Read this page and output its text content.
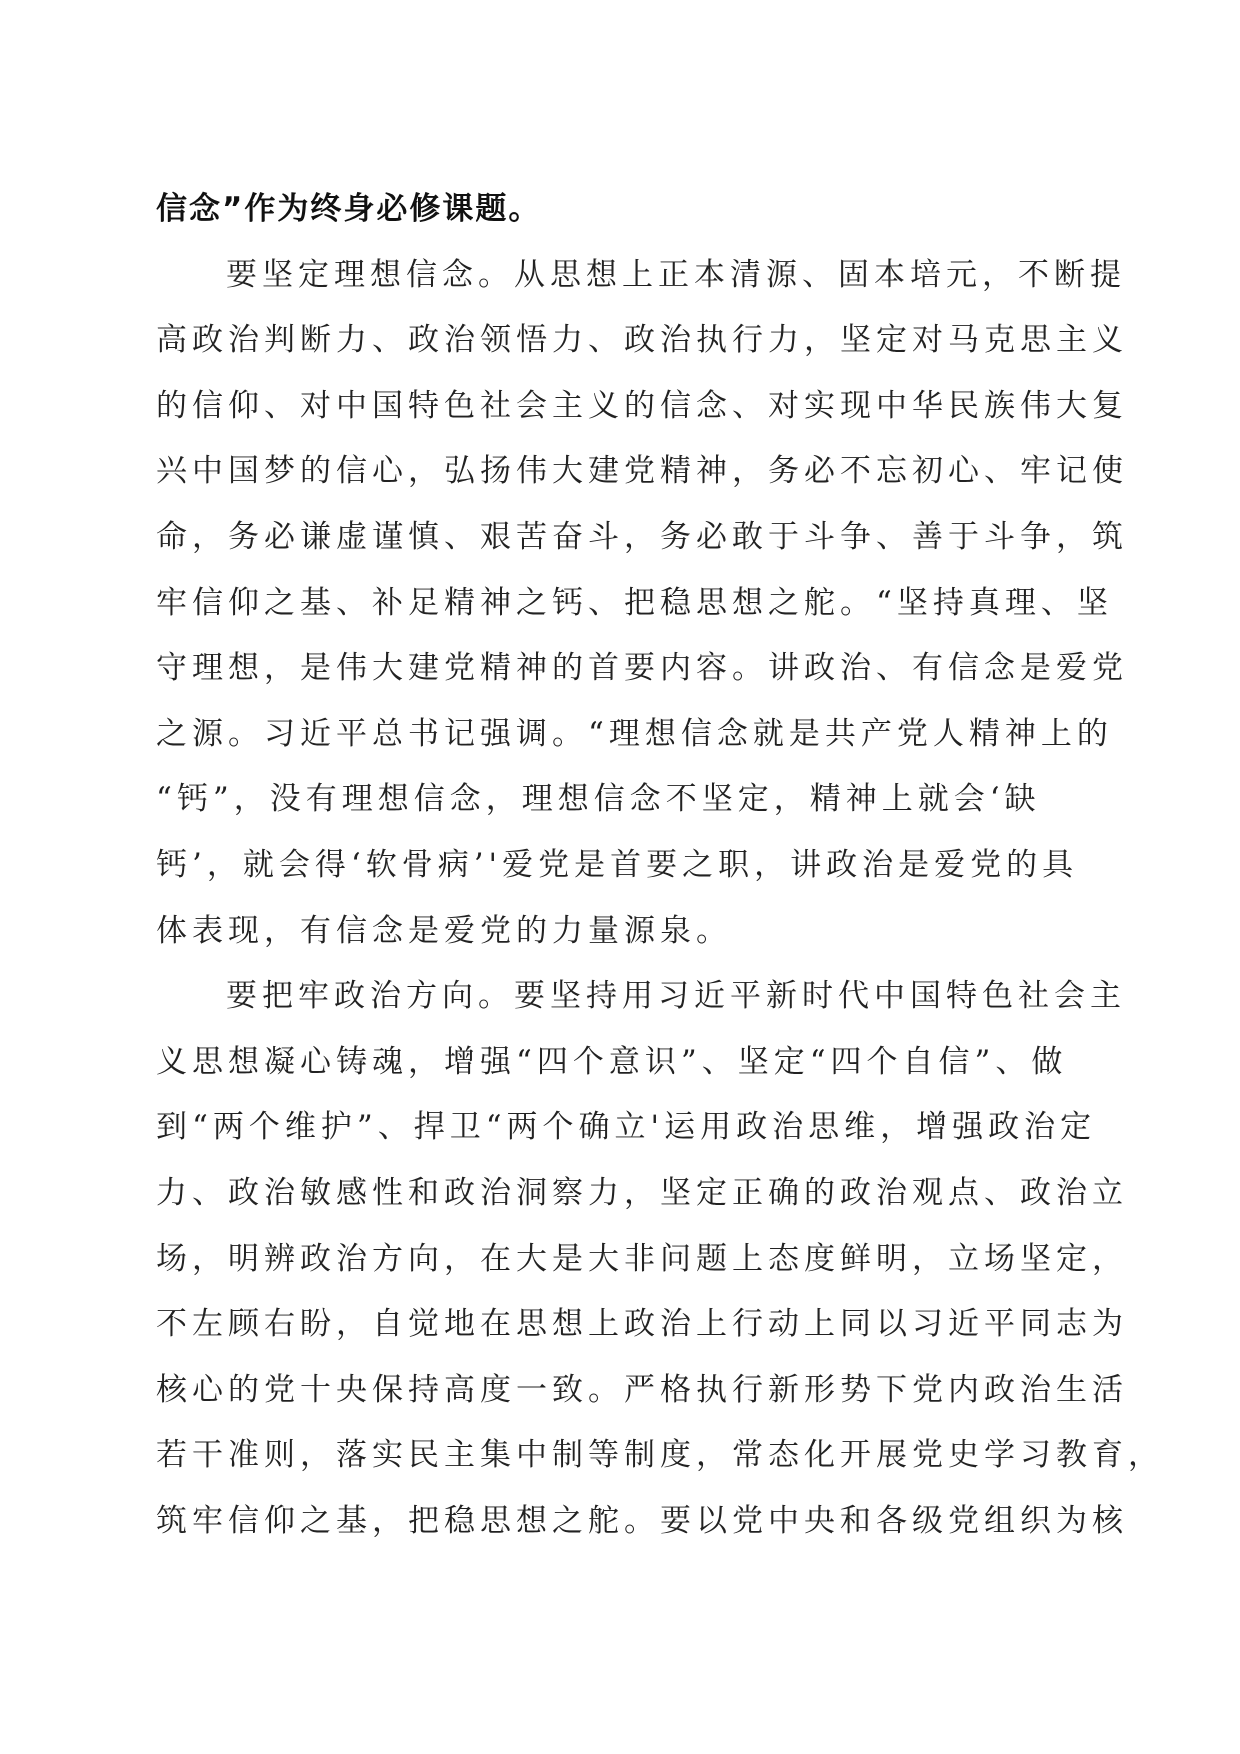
信念”作为终身必修课题。
要坚定理想信念。从思想上正本清源、固本培元，不断提
高政治判断力、政治领悟力、政治执行力，坚定对马克思主义
的信仰、对中国特色社会主义的信念、对实现中华民族伟大复
兴中国梦的信心，弘扬伟大建党精神，务必不忘初心、牢记使
命，务必谦虚谨慎、艰苦奋斗，务必敢于斗争、善于斗争，筑
牢信仰之基、补足精神之钙、把稳思想之舵。“坚持真理、坚
守理想，是伟大建党精神的首要内容。讲政治、有信念是爱党
之源。习近平总书记强调。“理想信念就是共产党人精神上的
“钙”，没有理想信念，理想信念不坚定，精神上就会‘缺
钙’，就会得‘软骨病’'爱党是首要之职，讲政治是爱党的具
体表现，有信念是爱党的力量源泉。
要把牢政治方向。要坚持用习近平新时代中国特色社会主
义思想凝心铸魂，增强“四个意识”、坚定“四个自信”、做
到“两个维护”、捍卫“两个确立'运用政治思维，增强政治定
力、政治敏感性和政治洞察力，坚定正确的政治观点、政治立
场，明辨政治方向，在大是大非问题上态度鲜明，立场坚定，
不左顾右盼，自觉地在思想上政治上行动上同以习近平同志为
核心的党十央保持高度一致。严格执行新形势下党内政治生活
若干准则，落实民主集中制等制度，常态化开展党史学习教育，
筑牢信仰之基，把稳思想之舵。要以党中央和各级党组织为核
